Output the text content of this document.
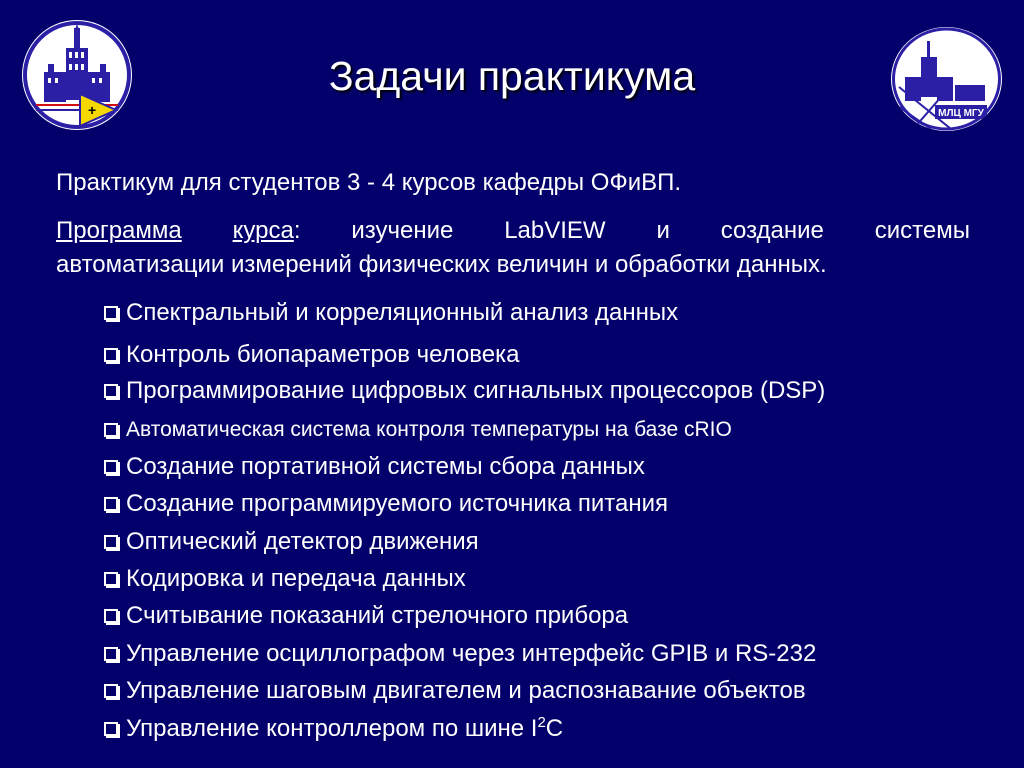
+	МЛЦ МГУ
Задачи практикума
Практикум для студентов 3 - 4 курсов кафедры ОФиВП.
Программа курса: изучение LabVIEW и создание системы
автоматизации измерений физических величин и обработки данных.
Спектральный и корреляционный анализ данных
Контроль биопараметров человека
Программирование цифровых сигнальных процессоров (DSP)
Автоматическая система контроля температуры на базе cRIO
Создание портативной системы сбора данных
Создание программируемого источника питания
Оптический детектор движения
Кодировка и передача данных
Считывание показаний стрелочного прибора
Управление осциллографом через интерфейс GPIB и RS-232
Управление шаговым двигателем и распознавание объектов
Управление контроллером по шине $I^2C$
